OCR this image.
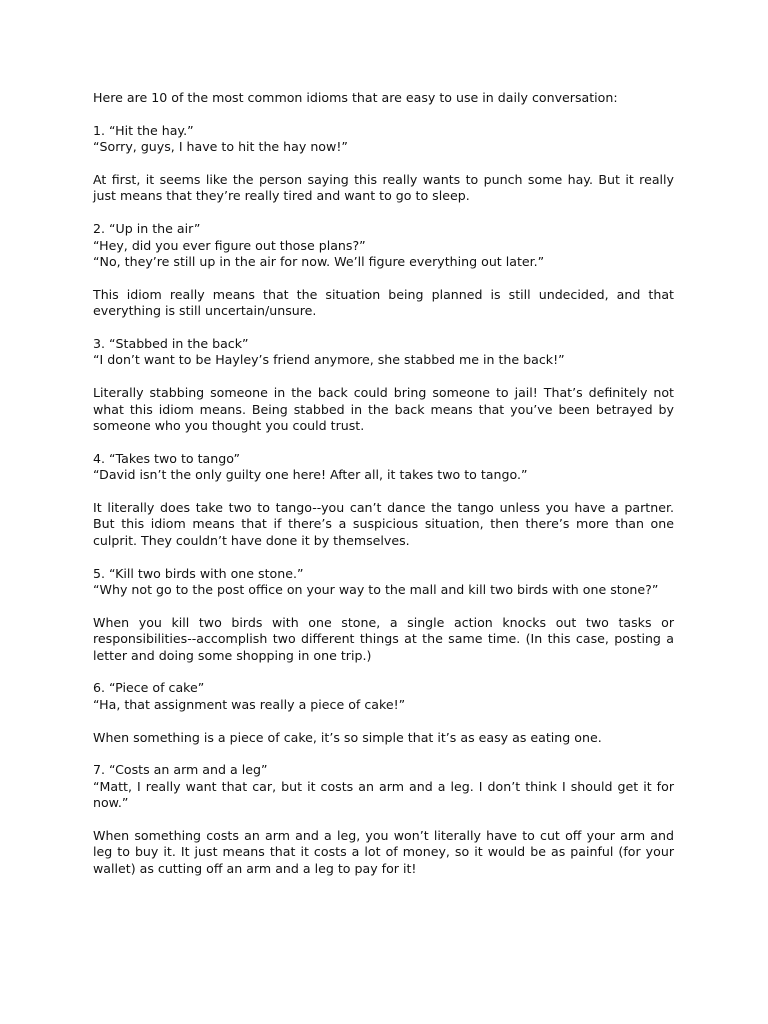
Here are 10 of the most common idioms that are easy to use in daily conversation:

1. “Hit the hay.”
“Sorry, guys, I have to hit the hay now!”

At first, it seems like the person saying this really wants to punch some hay. But it really just means that they’re really tired and want to go to sleep.

2. “Up in the air”
“Hey, did you ever figure out those plans?”
“No, they’re still up in the air for now. We’ll figure everything out later.”

This idiom really means that the situation being planned is still undecided, and that everything is still uncertain/unsure.

3. “Stabbed in the back”
“I don’t want to be Hayley’s friend anymore, she stabbed me in the back!”

Literally stabbing someone in the back could bring someone to jail! That’s definitely not what this idiom means. Being stabbed in the back means that you’ve been betrayed by someone who you thought you could trust.

4. “Takes two to tango”
“David isn’t the only guilty one here! After all, it takes two to tango.”

It literally does take two to tango--you can’t dance the tango unless you have a partner. But this idiom means that if there’s a suspicious situation, then there’s more than one culprit. They couldn’t have done it by themselves.

5. “Kill two birds with one stone.”
“Why not go to the post office on your way to the mall and kill two birds with one stone?”

When you kill two birds with one stone, a single action knocks out two tasks or responsibilities--accomplish two different things at the same time. (In this case, posting a letter and doing some shopping in one trip.)

6. “Piece of cake”
“Ha, that assignment was really a piece of cake!”

When something is a piece of cake, it’s so simple that it’s as easy as eating one.

7. “Costs an arm and a leg”
“Matt, I really want that car, but it costs an arm and a leg. I don’t think I should get it for now.”

When something costs an arm and a leg, you won’t literally have to cut off your arm and leg to buy it. It just means that it costs a lot of money, so it would be as painful (for your wallet) as cutting off an arm and a leg to pay for it!
